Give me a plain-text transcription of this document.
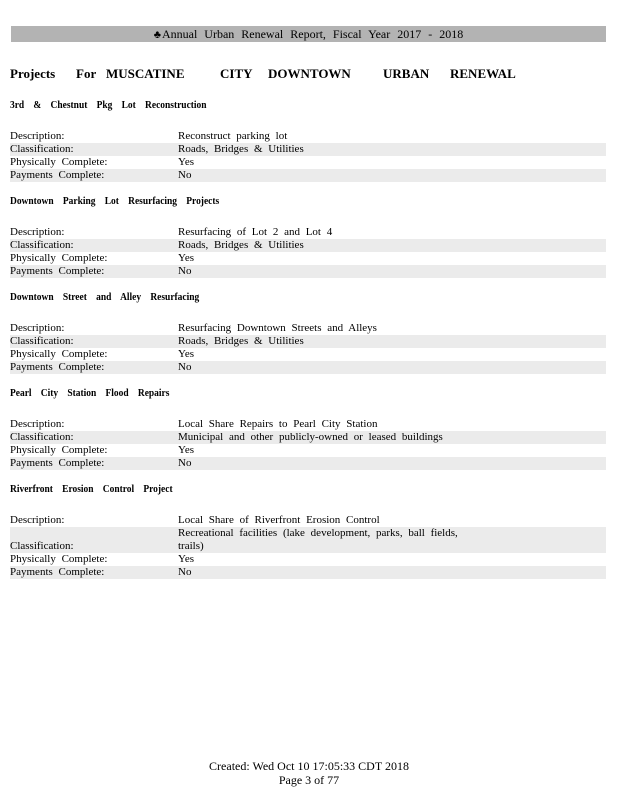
♣Annual Urban Renewal Report, Fiscal Year 2017 - 2018
Projects For MUSCATINE	CITY DOWNTOWN URBAN RENEWAL
3rd & Chestnut Pkg Lot Reconstruction
Description:	Reconstruct parking lot
Classification:	Roads, Bridges & Utilities
Physically Complete:	Yes
Payments Complete:	No
Downtown Parking Lot Resurfacing Projects
Description:	Resurfacing of Lot 2 and Lot 4
Classification:	Roads, Bridges & Utilities
Physically Complete:	Yes
Payments Complete:	No
Downtown Street and Alley Resurfacing
Description:	Resurfacing Downtown Streets and Alleys
Classification:	Roads, Bridges & Utilities
Physically Complete:	Yes
Payments Complete:	No
Pearl City Station Flood Repairs
Description:	Local Share Repairs to Pearl City Station
Classification:	Municipal and other publicly-owned or leased buildings
Physically Complete:	Yes
Payments Complete:	No
Riverfront Erosion Control Project
Description:	Local Share of Riverfront Erosion Control
Classification:
Recreational facilities (lake development, parks, ball fields, trails)
Physically Complete:	Yes
Payments Complete:	No
Created: Wed Oct 10 17:05:33 CDT 2018
Page 3 of 77
